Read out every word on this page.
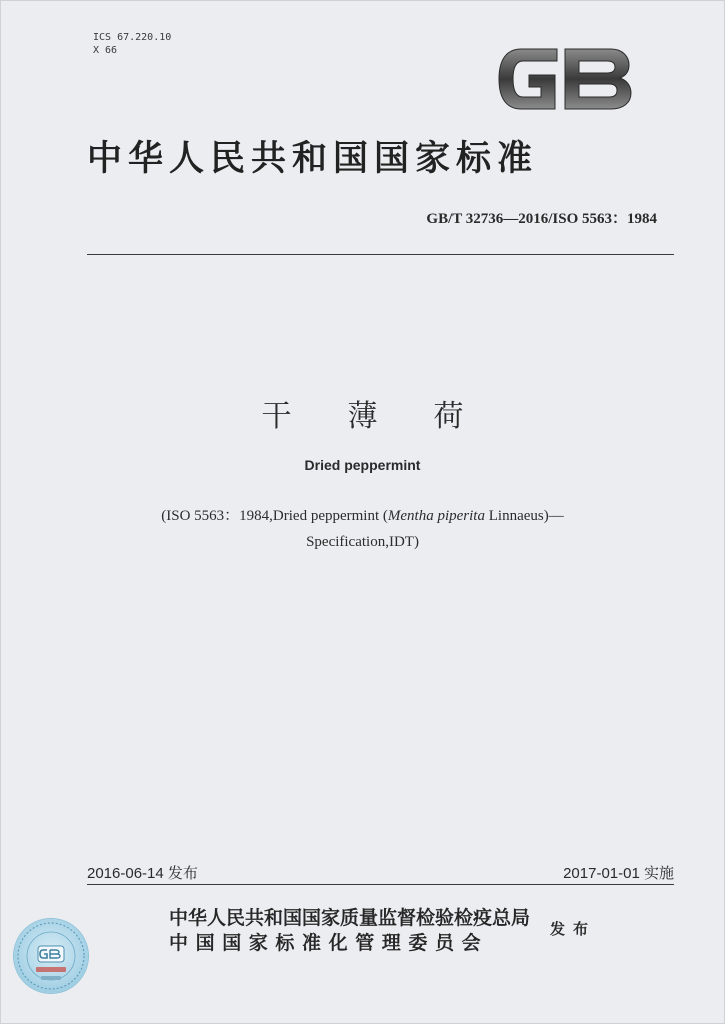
ICS 67.220.10
X 66
中华人民共和国国家标准
GB/T 32736—2016/ISO 5563：1984
干薄荷
Dried peppermint
(ISO 5563：1984,Dried peppermint (Mentha piperita Linnaeus)—
Specification,IDT)
2016-06-14 发布	2017-01-01 实施
中华人民共和国国家质量监督检验检疫总局
中国国家标准化管理委员会
发布
